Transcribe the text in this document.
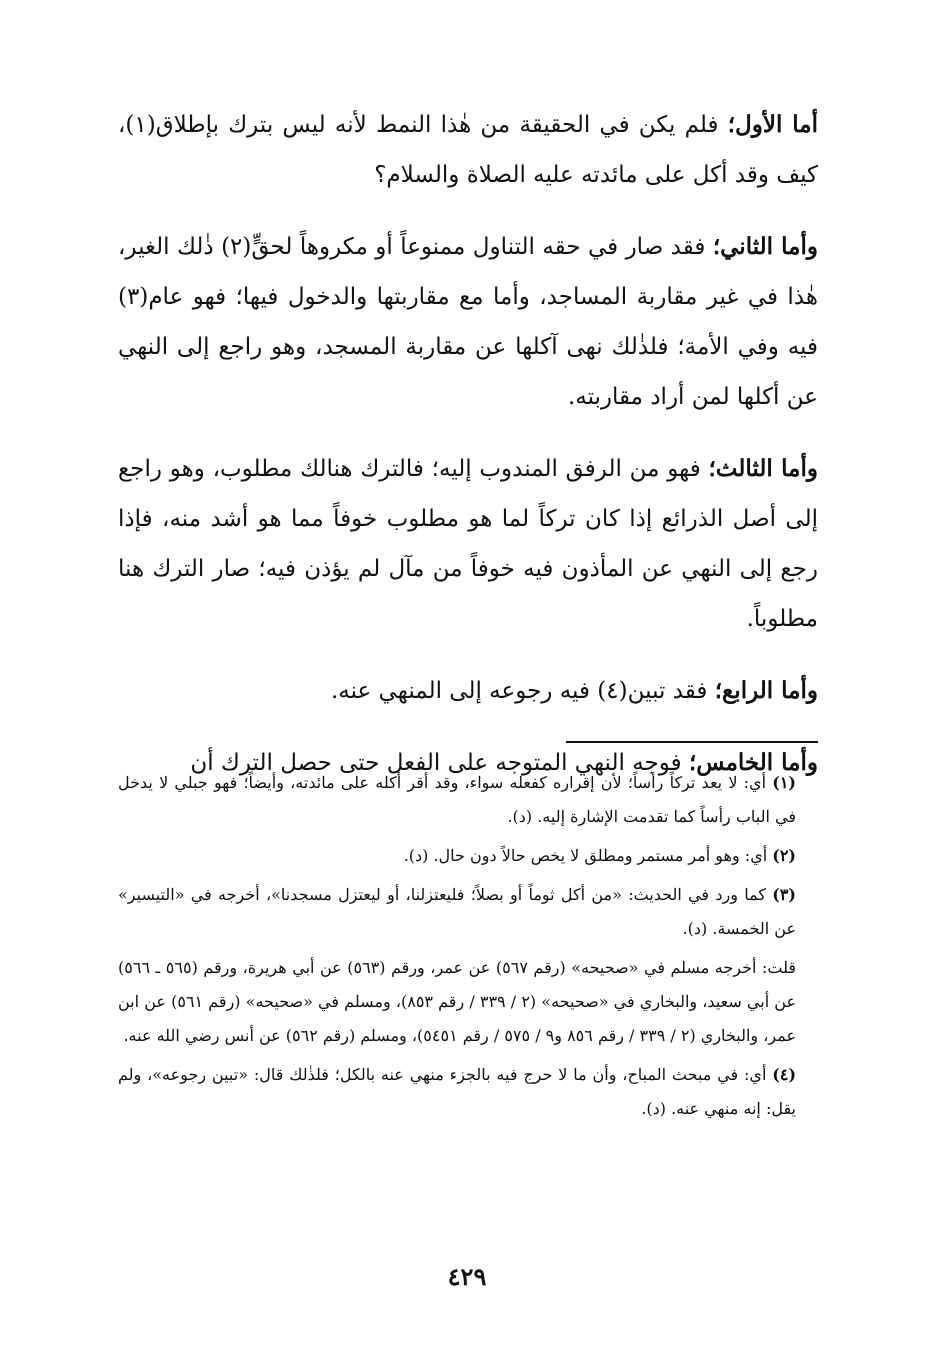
أما الأول؛ فلم يكن في الحقيقة من هٰذا النمط لأنه ليس بترك بإطلاق(١)، كيف وقد أكل على مائدته عليه الصلاة والسلام؟

وأما الثاني؛ فقد صار في حقه التناول ممنوعاً أو مكروهاً لحقٍّ(٢) ذٰلك الغير، هٰذا في غير مقاربة المساجد، وأما مع مقاربتها والدخول فيها؛ فهو عام(٣) فيه وفي الأمة؛ فلذٰلك نهى آكلها عن مقاربة المسجد، وهو راجع إلى النهي عن أكلها لمن أراد مقاربته.

وأما الثالث؛ فهو من الرفق المندوب إليه؛ فالترك هنالك مطلوب، وهو راجع إلى أصل الذرائع إذا كان تركاً لما هو مطلوب خوفاً مما هو أشد منه، فإذا رجع إلى النهي عن المأذون فيه خوفاً من مآل لم يؤذن فيه؛ صار الترك هنا مطلوباً.

وأما الرابع؛ فقد تبين(٤) فيه رجوعه إلى المنهي عنه.

وأما الخامس؛ فوجه النهي المتوجه على الفعل حتى حصل الترك أن

(١) أي: لا يعد تركاً رأساً؛ لأن إقراره كفعله سواء، وقد أقر أكله على مائدته، وأيضاً؛ فهو جبلي لا يدخل في الباب رأساً كما تقدمت الإشارة إليه. (د).

(٢) أي: وهو أمر مستمر ومطلق لا يخص حالاً دون حال. (د).

(٣) كما ورد في الحديث: «من أكل ثوماً أو بصلاً؛ فليعتزلنا، أو ليعتزل مسجدنا»، أخرجه في «التيسير» عن الخمسة. (د).

قلت: أخرجه مسلم في «صحيحه» (رقم ٥٦٧) عن عمر، ورقم (٥٦٣) عن أبي هريرة، ورقم (٥٦٥ ـ ٥٦٦) عن أبي سعيد، والبخاري في «صحيحه» (٢ / ٣٣٩ / رقم ٨٥٣)، ومسلم في «صحيحه» (رقم ٥٦١) عن ابن عمر، والبخاري (٢ / ٣٣٩ / رقم ٨٥٦ و٩ / ٥٧٥ / رقم ٥٤٥١)، ومسلم (رقم ٥٦٢) عن أنس رضي الله عنه.

(٤) أي: في مبحث المباح، وأن ما لا حرج فيه بالجزء منهي عنه بالكل؛ فلذٰلك قال: «تبين رجوعه»، ولم يقل: إنه منهي عنه. (د).

٤٢٩
